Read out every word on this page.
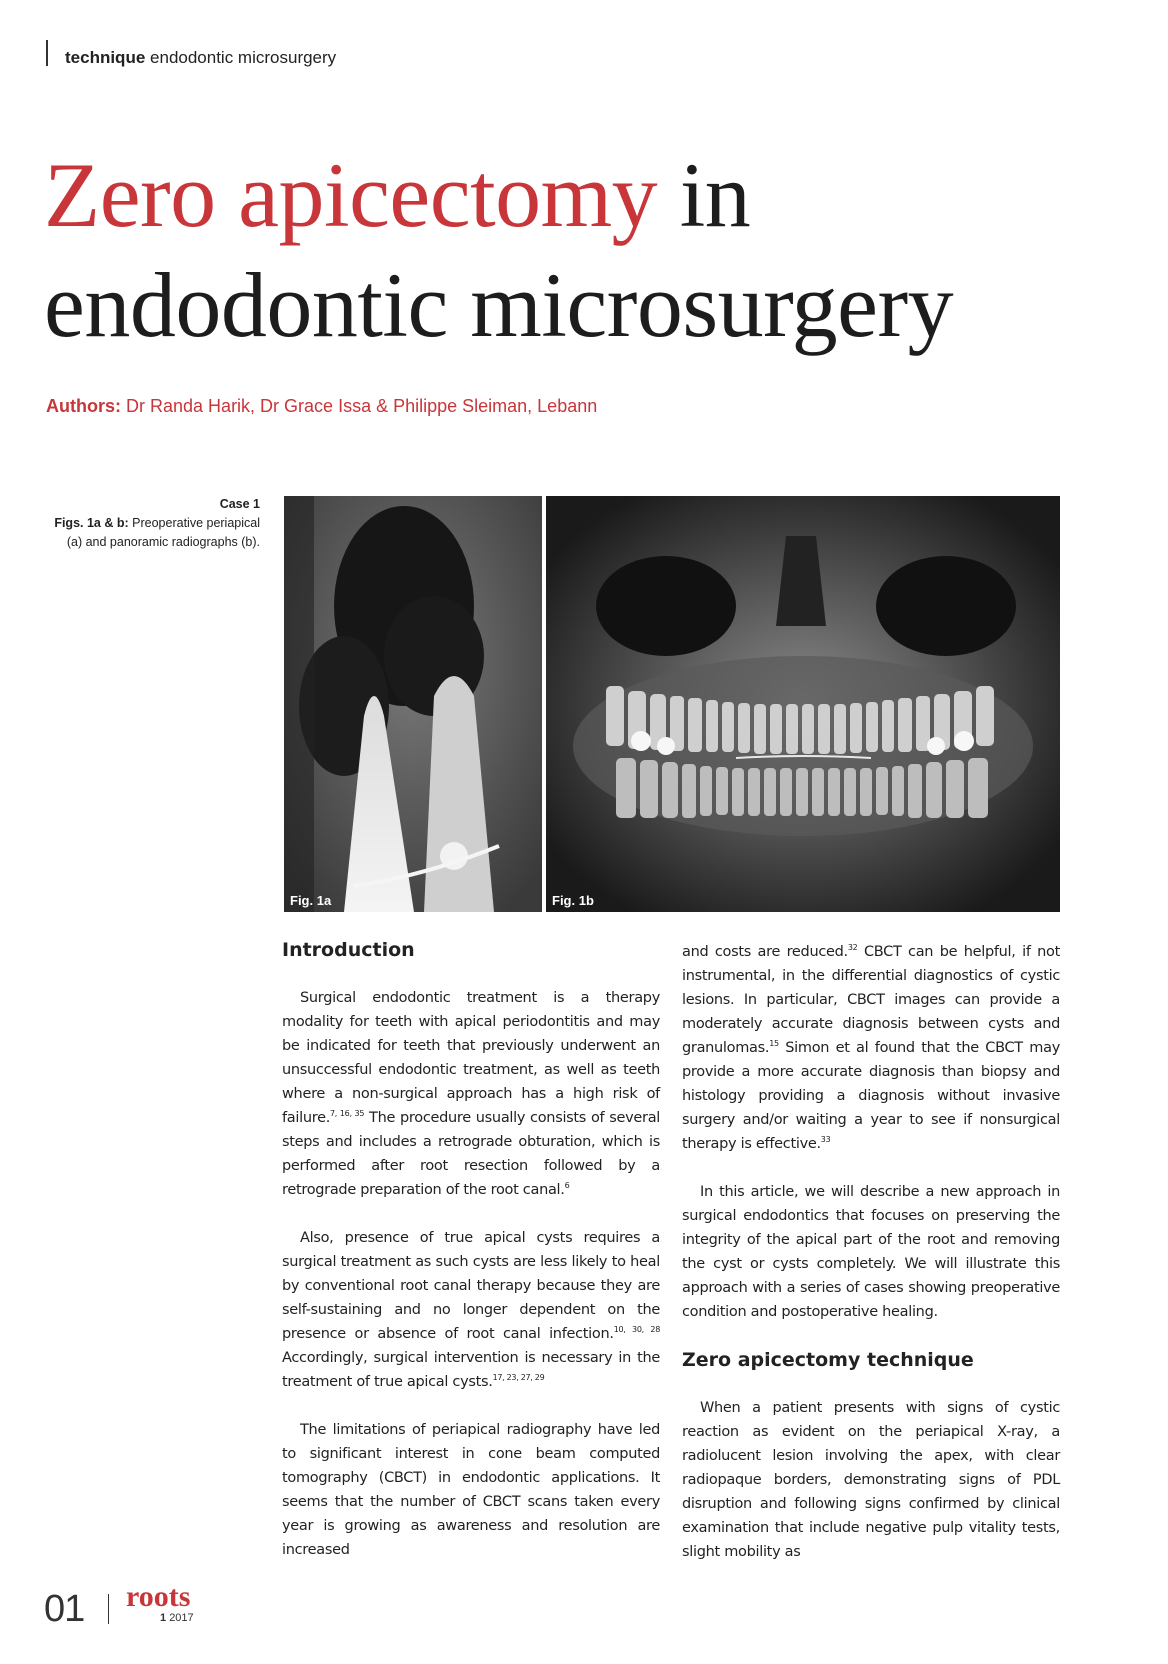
technique endodontic microsurgery
Zero apicectomy in
endodontic microsurgery
Authors: Dr Randa Harik, Dr Grace Issa & Philippe Sleiman, Lebann
Case 1
Figs. 1a & b: Preoperative periapical (a) and panoramic radiographs (b).
Fig. 1a	Fig. 1b
Introduction

Surgical endodontic treatment is a therapy modality for teeth with apical periodontitis and may be indicated for teeth that previously underwent an unsuccessful endodontic treatment, as well as teeth where a non-surgical approach has a high risk of failure.$^{7, 16, 35}$ The procedure usually consists of several steps and includes a retrograde obturation, which is performed after root resection followed by a retrograde preparation of the root canal.$^6$

Also, presence of true apical cysts requires a surgical treatment as such cysts are less likely to heal by conventional root canal therapy because they are self-sustaining and no longer dependent on the presence or absence of root canal infection.$^{10, 30, 28}$ Accordingly, surgical intervention is necessary in the treatment of true apical cysts.$^{17, 23, 27, 29}$

The limitations of periapical radiography have led to significant interest in cone beam computed tomography (CBCT) in endodontic applications. It seems that the number of CBCT scans taken every year is growing as awareness and resolution are increased

and costs are reduced.$^{32}$ CBCT can be helpful, if not instrumental, in the differential diagnostics of cystic lesions. In particular, CBCT images can provide a moderately accurate diagnosis between cysts and granulomas.$^{15}$ Simon et al found that the CBCT may provide a more accurate diagnosis than biopsy and histology providing a diagnosis without invasive surgery and/or waiting a year to see if nonsurgical therapy is effective.$^{33}$

In this article, we will describe a new approach in surgical endodontics that focuses on preserving the integrity of the apical part of the root and removing the cyst or cysts completely. We will illustrate this approach with a series of cases showing preoperative condition and postoperative healing.

Zero apicectomy technique

When a patient presents with signs of cystic reaction as evident on the periapical X-ray, a radiolucent lesion involving the apex, with clear radiopaque borders, demonstrating signs of PDL disruption and following signs confirmed by clinical examination that include negative pulp vitality tests, slight mobility as

01 roots
1 2017
